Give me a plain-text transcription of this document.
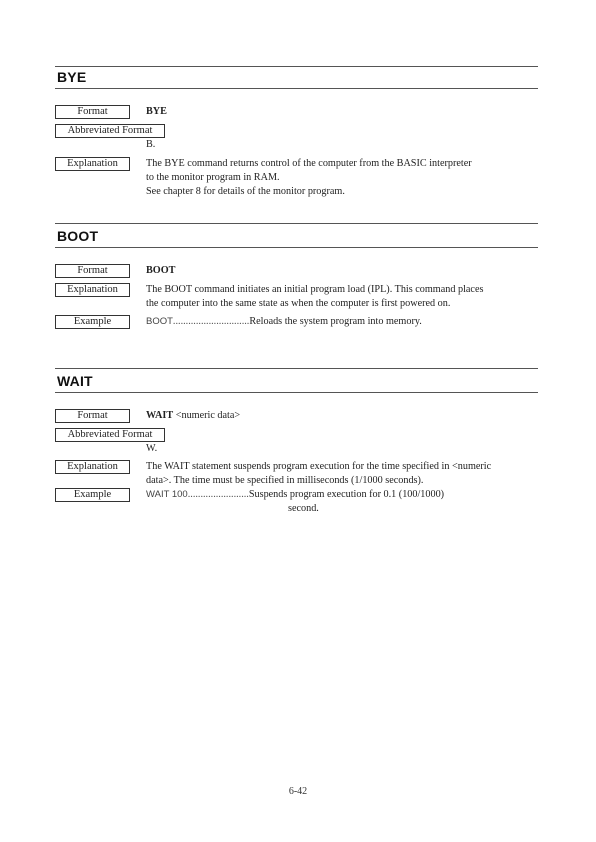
BYE
Format	BYE
Abbreviated Format
B.
Explanation	The BYE command returns control of the computer from the BASIC interpreter
to the monitor program in RAM.
See chapter 8 for details of the monitor program.
BOOT
Format	BOOT
Explanation	The BOOT command initiates an initial program load (IPL). This command places
the computer into the same state as when the computer is first powered on.
Example	BOOT .............................. Reloads the system program into memory.
WAIT
Format	WAIT <numeric data>
Abbreviated Format
W.
Explanation	The WAIT statement suspends program execution for the time specified in <numeric
data>. The time must be specified in milliseconds (1/1000 seconds).
Example	WAIT 100 ........................ Suspends program execution for 0.1 (100/1000)
second.
6-42
